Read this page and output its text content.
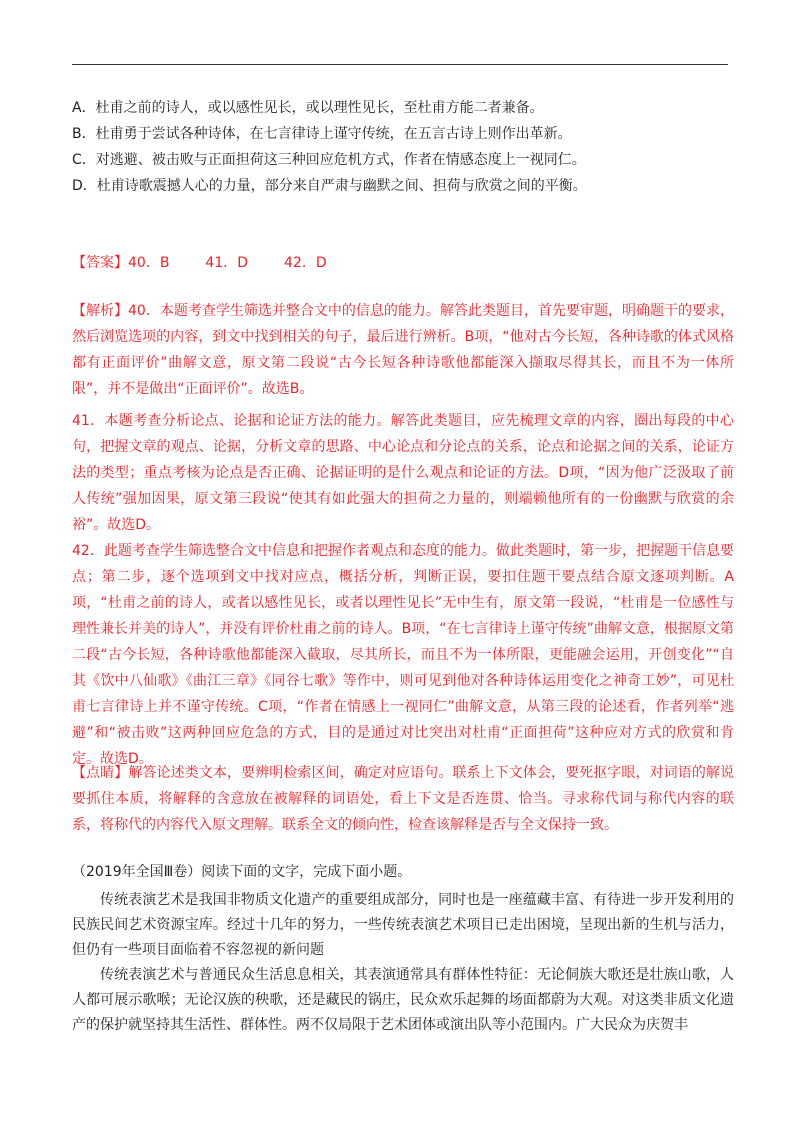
A．杜甫之前的诗人，或以感性见长，或以理性见长，至杜甫方能二者兼备。
B．杜甫勇于尝试各种诗体，在七言律诗上谨守传统，在五言古诗上则作出革新。
C．对逃避、被击败与正面担荷这三种回应危机方式，作者在情感态度上一视同仁。
D．杜甫诗歌震撼人心的力量，部分来自严肃与幽默之间、担荷与欣赏之间的平衡。
【答案】40．B	41．D	42．D
【解析】40．本题考查学生筛选并整合文中的信息的能力。解答此类题目，首先要审题，明确题干的要求，然后浏览选项的内容，到文中找到相关的句子，最后进行辨析。B项，“他对古今长短，各种诗歌的体式风格都有正面评价”曲解文意，原文第二段说“古今长短各种诗歌他都能深入撷取尽得其长，而且不为一体所限”，并不是做出“正面评价”。故选B。
41．本题考查分析论点、论据和论证方法的能力。解答此类题目，应先梳理文章的内容，圈出每段的中心句，把握文章的观点、论据，分析文章的思路、中心论点和分论点的关系，论点和论据之间的关系，论证方法的类型；重点考核为论点是否正确、论据证明的是什么观点和论证的方法。D项，“因为他广泛汲取了前人传统”强加因果，原文第三段说“使其有如此强大的担荷之力量的，则端赖他所有的一份幽默与欣赏的余裕”。故选D。
42．此题考查学生筛选整合文中信息和把握作者观点和态度的能力。做此类题时，第一步，把握题干信息要点；第二步，逐个选项到文中找对应点，概括分析，判断正误，要扣住题干要点结合原文逐项判断。A项，“杜甫之前的诗人，或者以感性见长，或者以理性见长”无中生有，原文第一段说，“杜甫是一位感性与理性兼长并美的诗人”，并没有评价杜甫之前的诗人。B项，“在七言律诗上谨守传统”曲解文意，根据原文第二段“古今长短，各种诗歌他都能深入截取，尽其所长，而且不为一体所限，更能融会运用，开创变化”“自其《饮中八仙歌》《曲江三章》《同谷七歌》等作中，则可见到他对各种诗体运用变化之神奇工妙”，可见杜甫七言律诗上并不谨守传统。C项，“作者在情感上一视同仁”曲解文意，从第三段的论述看，作者列举“逃避”和“被击败”这两种回应危急的方式，目的是通过对比突出对杜甫“正面担荷”这种应对方式的欣赏和肯定。故选D。
【点睛】解答论述类文本，要辨明检索区间，确定对应语句。联系上下文体会，要死抠字眼，对词语的解说要抓住本质，将解释的含意放在被解释的词语处，看上下文是否连贯、恰当。寻求称代词与称代内容的联系，将称代的内容代入原文理解。联系全文的倾向性，检查该解释是否与全文保持一致。
（2019年全国Ⅲ卷）阅读下面的文字，完成下面小题。

传统表演艺术是我国非物质文化遗产的重要组成部分，同时也是一座蕴藏丰富、有待进一步开发利用的民族民间艺术资源宝库。经过十几年的努力，一些传统表演艺术项目已走出困境，呈现出新的生机与活力，但仍有一些项目面临着不容忽视的新问题

传统表演艺术与普通民众生活息息相关，其表演通常具有群体性特征：无论侗族大歌还是壮族山歌，人人都可展示歌喉；无论汉族的秧歌，还是藏民的锅庄，民众欢乐起舞的场面都蔚为大观。对这类非质文化遗产的保护就坚持其生活性、群体性。两不仅局限于艺术团体或演出队等小范围内。广大民众为庆贺丰
